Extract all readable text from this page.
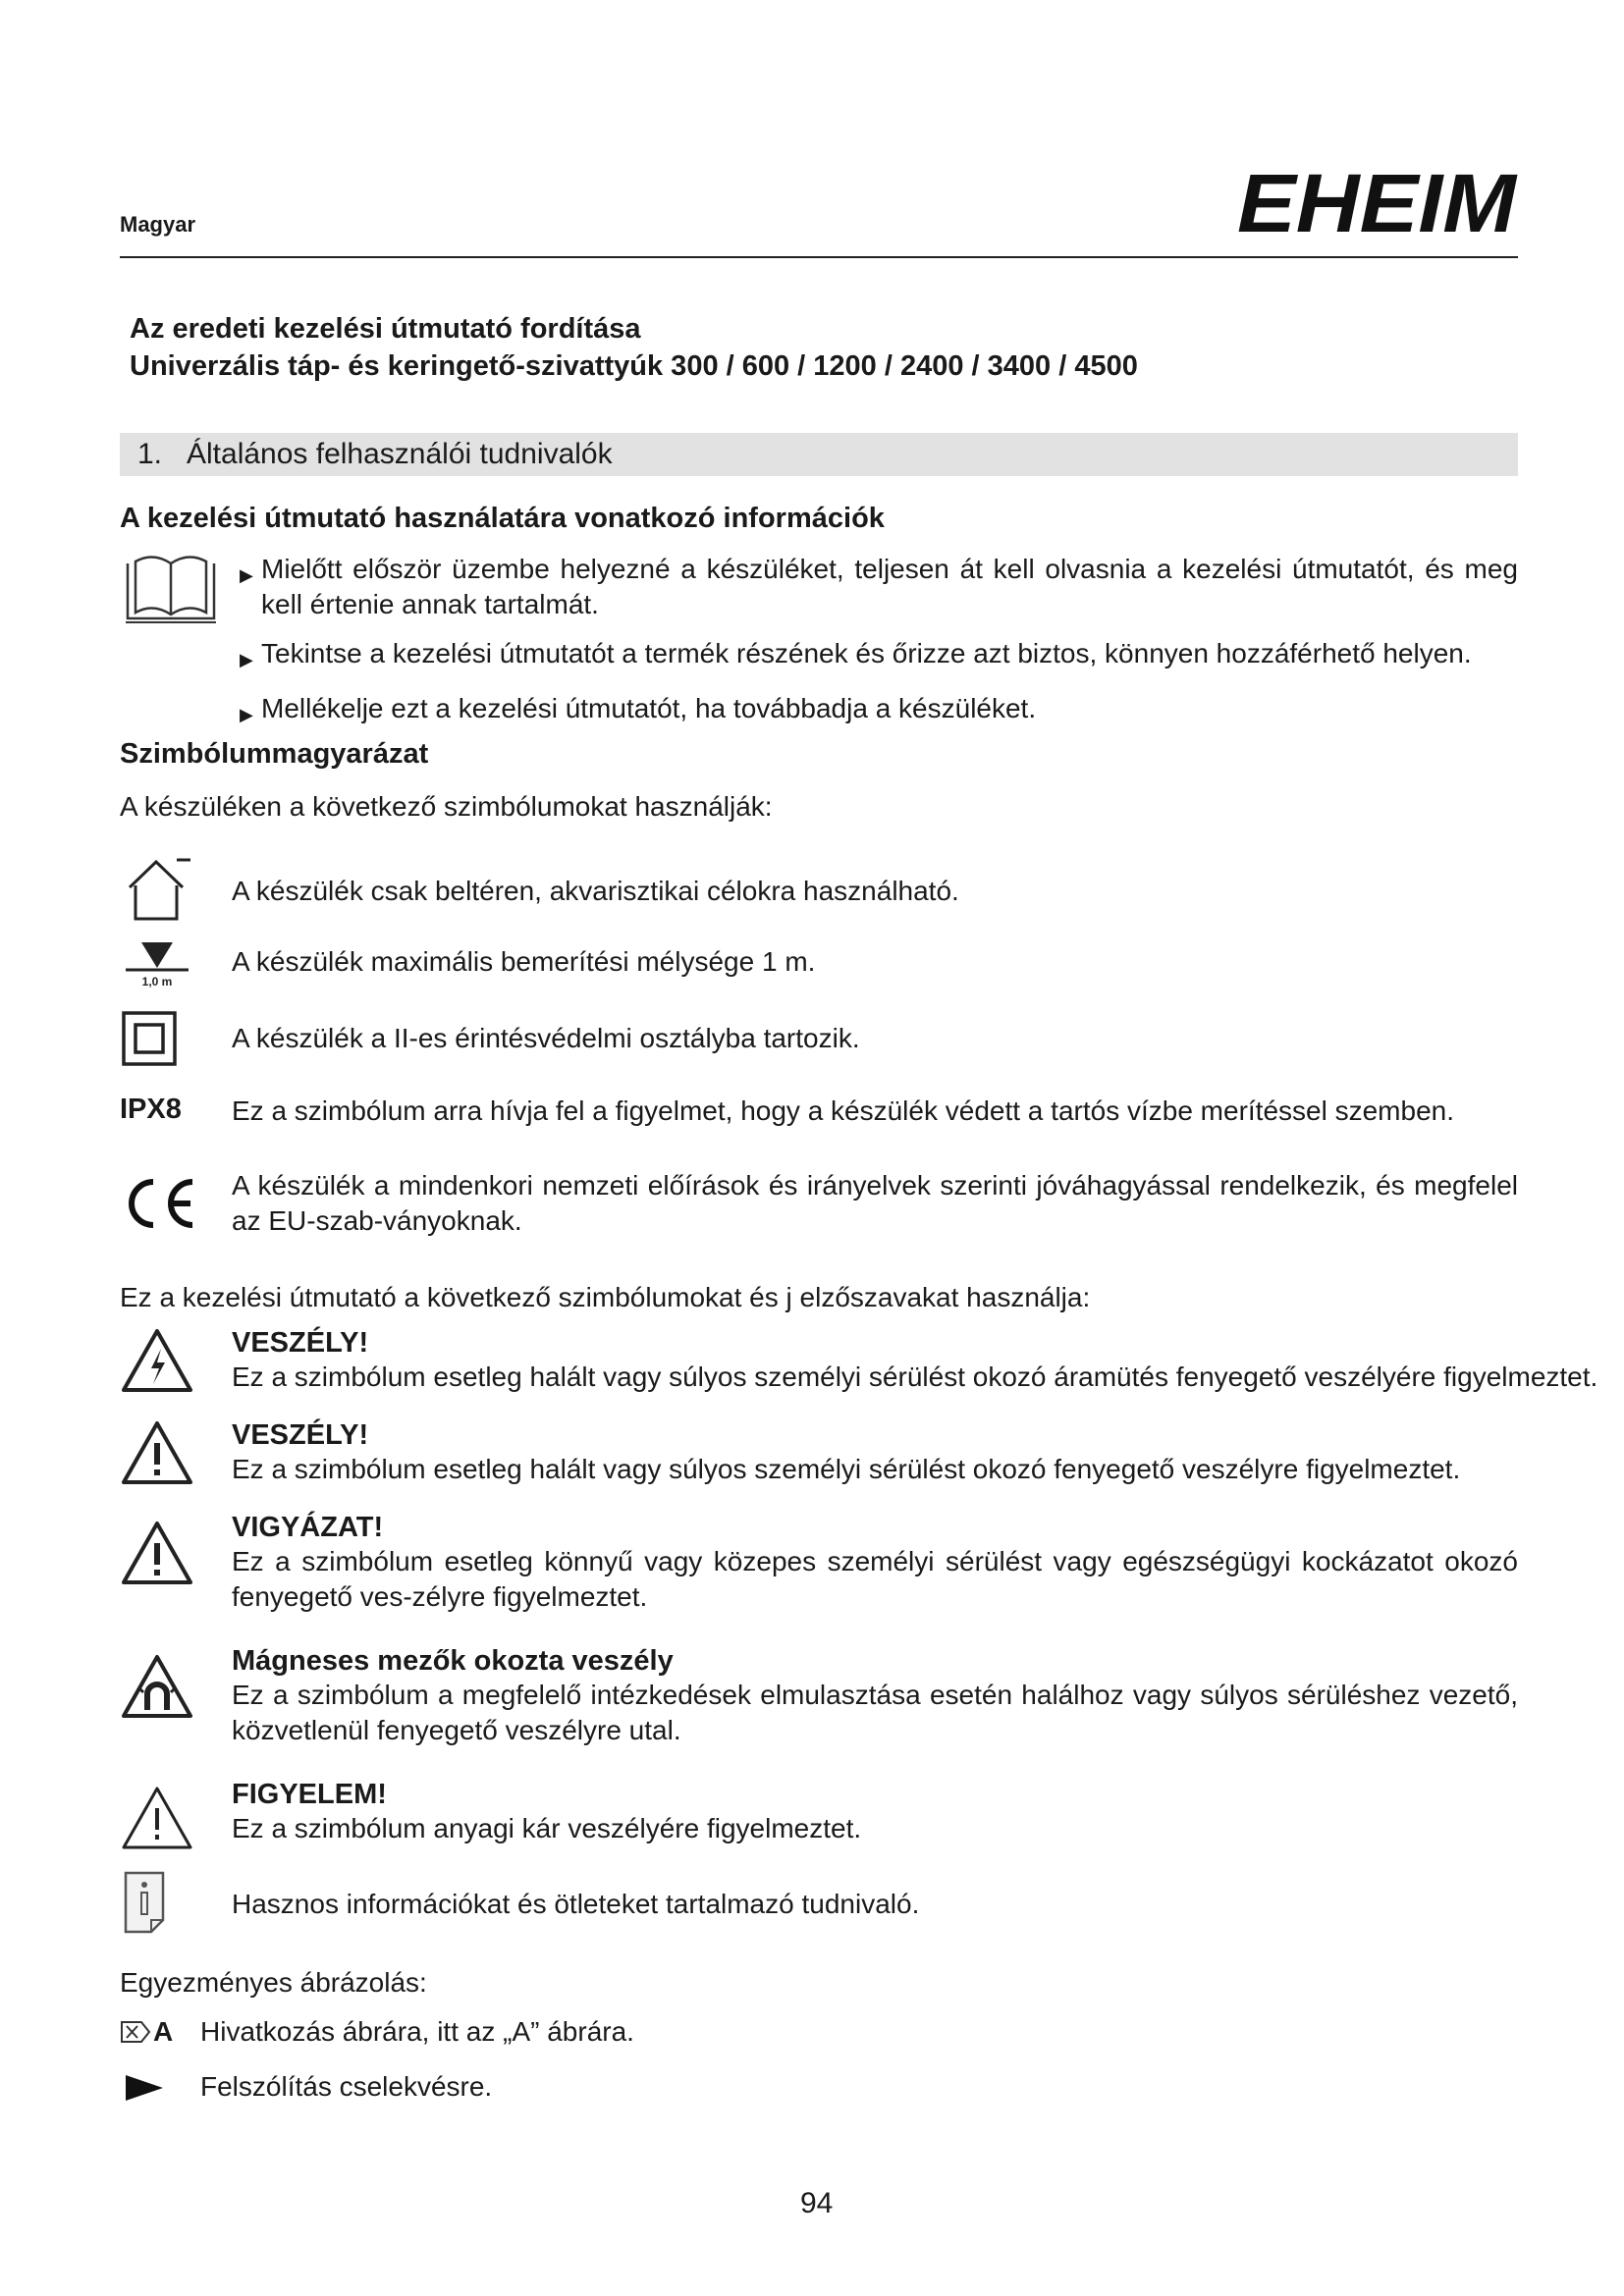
Magyar	EHEIM
Az eredeti kezelési útmutató fordítása
Univerzális táp- és keringető-szivattyúk 300 / 600 / 1200 / 2400 / 3400 / 4500
1. Általános felhasználói tudnivalók
A kezelési útmutató használatára vonatkozó információk
▶ Mielőtt először üzembe helyezné a készüléket, teljesen át kell olvasnia a kezelési útmutatót, és meg kell értenie annak tartalmát.
▶ Tekintse a kezelési útmutatót a termék részének és őrizze azt biztos, könnyen hozzáférhető helyen.
▶ Mellékelje ezt a kezelési útmutatót, ha továbbadja a készüléket.
Szimbólummagyarázat
A készüléken a következő szimbólumokat használják:
A készülék csak beltéren, akvarisztikai célokra használható.
1,0 m
A készülék maximális bemerítési mélysége 1 m.
A készülék a II-es érintésvédelmi osztályba tartozik.
IPX8 Ez a szimbólum arra hívja fel a figyelmet, hogy a készülék védett a tartós vízbe merítéssel szemben.
A készülék a mindenkori nemzeti előírások és irányelvek szerinti jóváhagyással rendelkezik, és megfelel az EU-szab-ványoknak.
Ez a kezelési útmutató a következő szimbólumokat és j elzőszavakat használja:
VESZÉLY!
Ez a szimbólum esetleg halált vagy súlyos személyi sérülést okozó áramütés fenyegető veszélyére figyelmeztet.
VESZÉLY!
Ez a szimbólum esetleg halált vagy súlyos személyi sérülést okozó fenyegető veszélyre figyelmeztet.
VIGYÁZAT!
Ez a szimbólum esetleg könnyű vagy közepes személyi sérülést vagy egészségügyi kockázatot okozó fenyegető ves-zélyre figyelmeztet.
Mágneses mezők okozta veszély
Ez a szimbólum a megfelelő intézkedések elmulasztása esetén halálhoz vagy súlyos sérüléshez vezető, közvetlenül fenyegető veszélyre utal.
FIGYELEM!
Ez a szimbólum anyagi kár veszélyére figyelmeztet.
Hasznos információkat és ötleteket tartalmazó tudnivaló.
Egyezményes ábrázolás:
A Hivatkozás ábrára, itt az „A” ábrára.
Felszólítás cselekvésre.
94
